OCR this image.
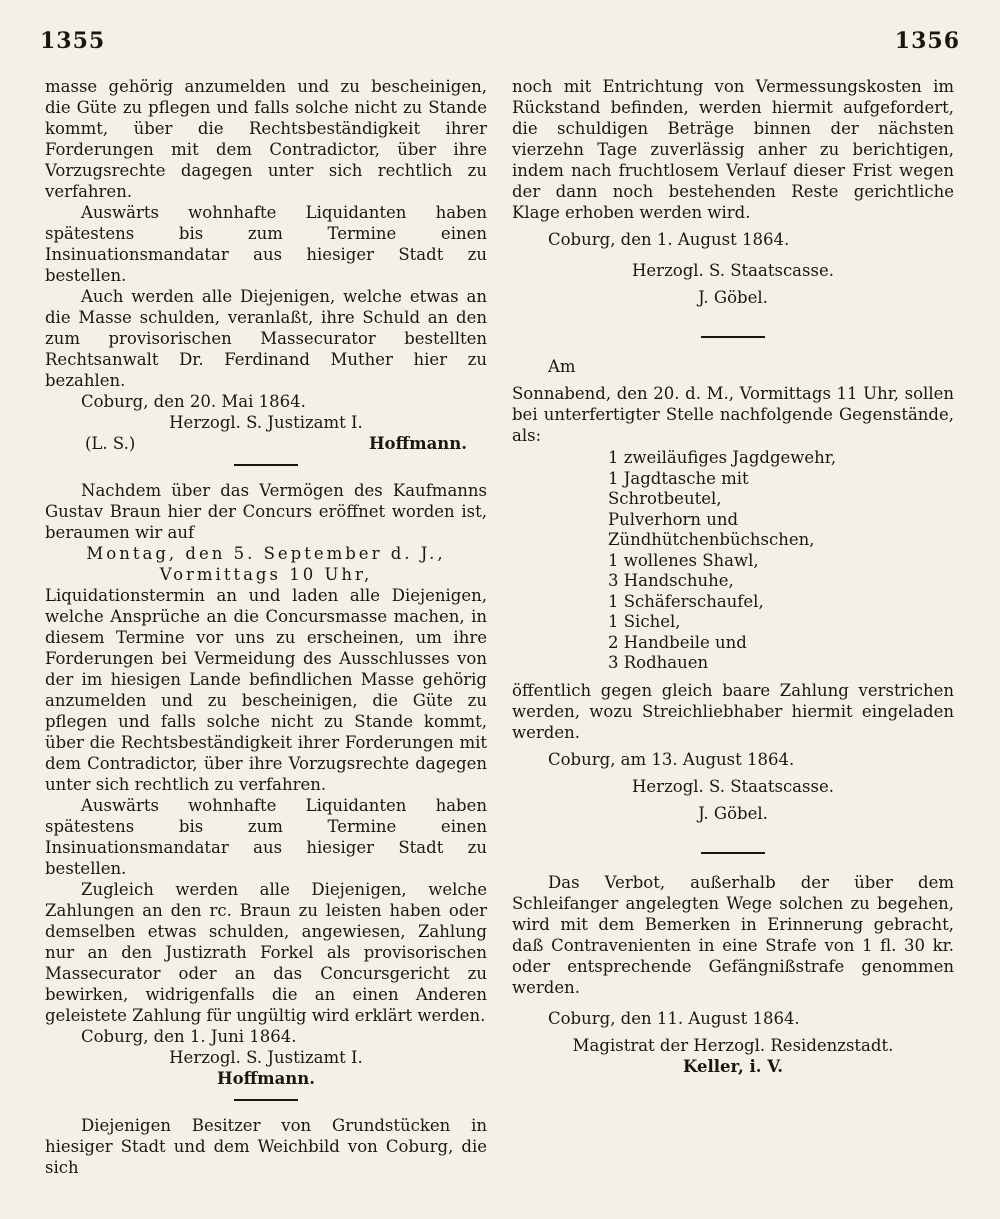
1355	1356

masse gehörig anzumelden und zu bescheinigen, die Güte zu pflegen und falls solche nicht zu Stande kommt, über die Rechtsbeständigkeit ihrer Forderungen mit dem Contradictor, über ihre Vorzugsrechte dagegen unter sich rechtlich zu verfahren.

Auswärts wohnhafte Liquidanten haben spätestens bis zum Termine einen Insinuationsmandatar aus hiesiger Stadt zu bestellen.

Auch werden alle Diejenigen, welche etwas an die Masse schulden, veranlaßt, ihre Schuld an den zum provisorischen Massecurator bestellten Rechtsanwalt Dr. Ferdinand Muther hier zu bezahlen.

Coburg, den 20. Mai 1864.

Herzogl. S. Justizamt I.

(L. S.)	Hoffmann.

Nachdem über das Vermögen des Kaufmanns Gustav Braun hier der Concurs eröffnet worden ist, beraumen wir auf

Montag, den 5. September d. J.,

Vormittags 10 Uhr,

Liquidationstermin an und laden alle Diejenigen, welche Ansprüche an die Concursmasse machen, in diesem Termine vor uns zu erscheinen, um ihre Forderungen bei Vermeidung des Ausschlusses von der im hiesigen Lande befindlichen Masse gehörig anzumelden und zu bescheinigen, die Güte zu pflegen und falls solche nicht zu Stande kommt, über die Rechtsbeständigkeit ihrer Forderungen mit dem Contradictor, über ihre Vorzugsrechte dagegen unter sich rechtlich zu verfahren.

Auswärts wohnhafte Liquidanten haben spätestens bis zum Termine einen Insinuationsmandatar aus hiesiger Stadt zu bestellen.

Zugleich werden alle Diejenigen, welche Zahlungen an den rc. Braun zu leisten haben oder demselben etwas schulden, angewiesen, Zahlung nur an den Justizrath Forkel als provisorischen Massecurator oder an das Concursgericht zu bewirken, widrigenfalls die an einen Anderen geleistete Zahlung für ungültig wird erklärt werden.

Coburg, den 1. Juni 1864.

Herzogl. S. Justizamt I.

Hoffmann.

Diejenigen Besitzer von Grundstücken in hiesiger Stadt und dem Weichbild von Coburg, die sich

noch mit Entrichtung von Vermessungskosten im Rückstand befinden, werden hiermit aufgefordert, die schuldigen Beträge binnen der nächsten vierzehn Tage zuverlässig anher zu berichtigen, indem nach fruchtlosem Verlauf dieser Frist wegen der dann noch bestehenden Reste gerichtliche Klage erhoben werden wird.

Coburg, den 1. August 1864.

Herzogl. S. Staatscasse.

J. Göbel.

Am

Sonnabend, den 20. d. M., Vormittags 11 Uhr, sollen bei unterfertigter Stelle nachfolgende Gegenstände, als:

1 zweiläufiges Jagdgewehr,
1 Jagdtasche mit
Schrotbeutel,
Pulverhorn und
Zündhütchenbüchschen,
1 wollenes Shawl,
3 Handschuhe,
1 Schäferschaufel,
1 Sichel,
2 Handbeile und
3 Rodhauen

öffentlich gegen gleich baare Zahlung verstrichen werden, wozu Streichliebhaber hiermit eingeladen werden.

Coburg, am 13. August 1864.

Herzogl. S. Staatscasse.

J. Göbel.

Das Verbot, außerhalb der über dem Schleifanger angelegten Wege solchen zu begehen, wird mit dem Bemerken in Erinnerung gebracht, daß Contravenienten in eine Strafe von 1 fl. 30 kr. oder entsprechende Gefängnißstrafe genommen werden.

Coburg, den 11. August 1864.

Magistrat der Herzogl. Residenzstadt.

Keller, i. V.
